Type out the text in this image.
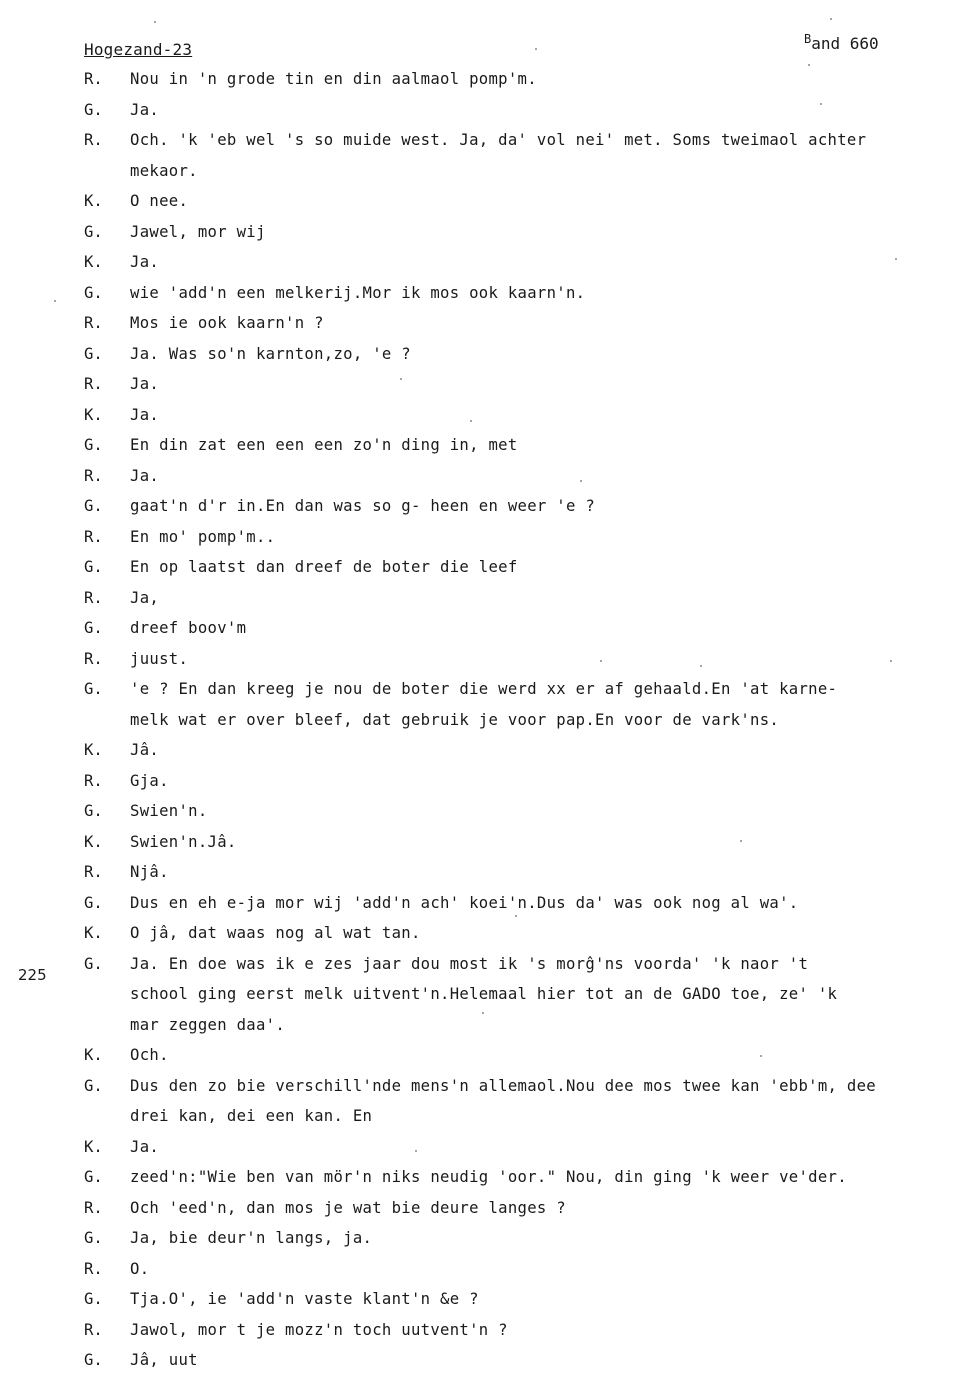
Hogezand-23
$^B$and 660
225
R. Nou in 'n grode tin en din aalmaol pomp'm.
G. Ja.
R. Och. 'k 'eb wel 's so muide west. Ja, da' vol nei' met. Soms tweimaol achter
mekaor.
K. O nee.
G. Jawel, mor wij
K. Ja.
G. wie 'add'n een melkerij.Mor ik mos ook kaarn'n.
R. Mos ie ook kaarn'n ?
G. Ja. Was so'n karnton,zo, 'e ?
R. Ja.
K. Ja.
G. En din zat een een een zo'n ding in, met
R. Ja.
G. gaat'n d'r in.En dan was so g- heen en weer 'e ?
R. En mo' pomp'm..
G. En op laatst dan dreef de boter die leef
R. Ja,
G. dreef boov'm
R. juust.
G. 'e ? En dan kreeg je nou de boter die werd xx er af gehaald.En 'at karne-
melk wat er over bleef, dat gebruik je voor pap.En voor de vark'ns.
K. Jâ.
R. Gja.
G. Swien'n.
K. Swien'n.Jâ.
R. Njâ.
G. Dus en eh e-ja mor wij 'add'n ach' koei'n.Dus da' was ook nog al wa'.
K. O jâ, dat waas nog al wat tan.
G. Ja. En doe was ik e zes jaar dou most ik 's morĝ'ns voorda' 'k naor 't
school ging eerst melk uitvent'n.Helemaal hier tot an de GADO toe, ze' 'k
mar zeggen daa'.
K. Och.
G. Dus den zo bie verschill'nde mens'n allemaol.Nou dee mos twee kan 'ebb'm, dee
drei kan, dei een kan. En
K. Ja.
G. zeed'n:"Wie ben van mör'n niks neudig 'oor." Nou, din ging 'k weer ve'der.
R. Och 'eed'n, dan mos je wat bie deure langes ?
G. Ja, bie deur'n langs, ja.
R. O.
G. Tja.O', ie 'add'n vaste klant'n &e ?
R. Jawol, mor t je mozz'n toch uutvent'n ?
G. Jâ, uut
